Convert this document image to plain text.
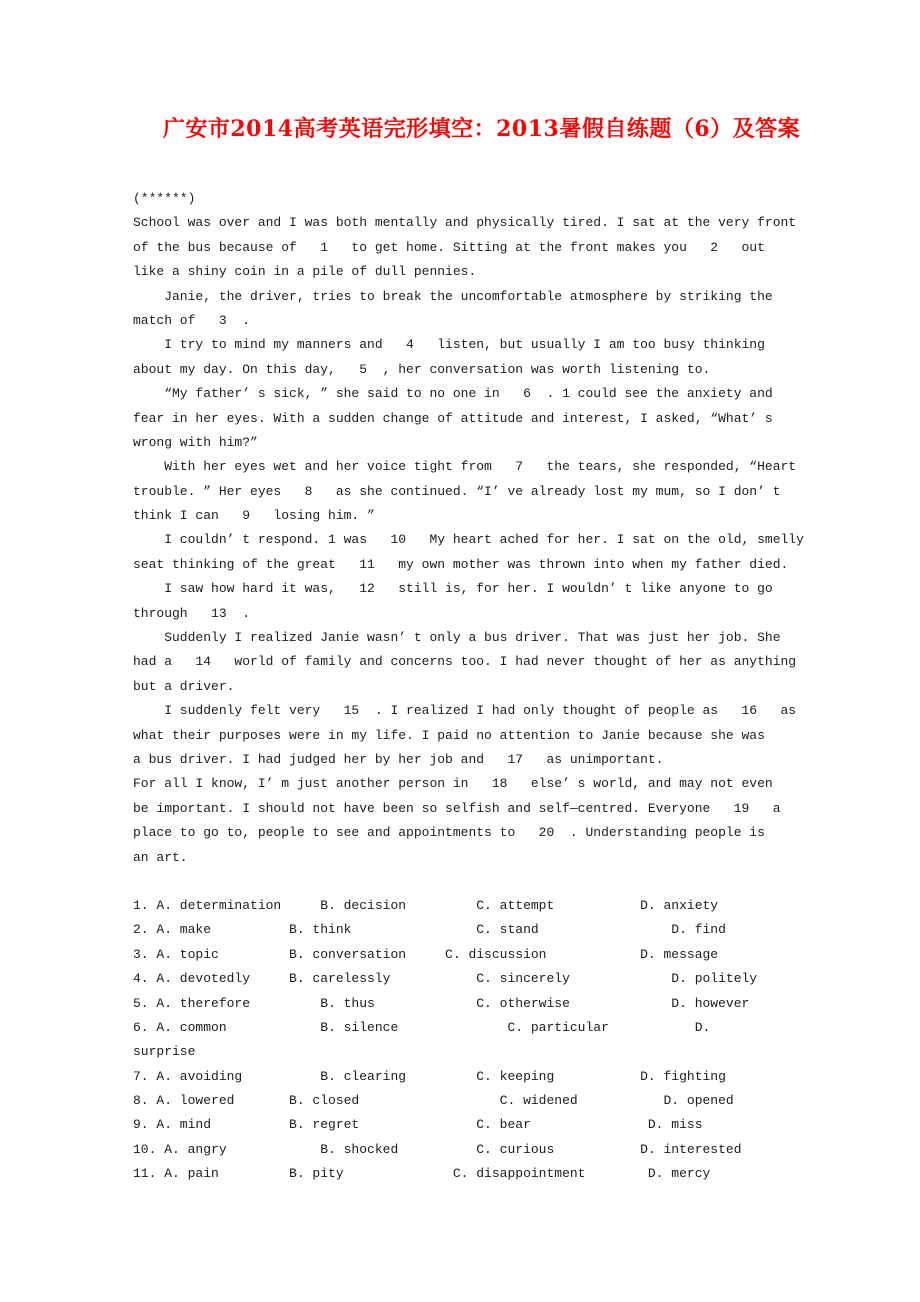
广安市2014高考英语完形填空：2013暑假自练题（6）及答案
(******)
School was over and I was both mentally and physically tired. I sat at the very front
of the bus because of   1   to get home. Sitting at the front makes you   2   out
like a shiny coin in a pile of dull pennies.
Janie, the driver, tries to break the uncomfortable atmosphere by striking the
match of   3  .
I try to mind my manners and   4   listen, but usually I am too busy thinking
about my day. On this day,   5  , her conversation was worth listening to.
“My father’ s sick, ” she said to no one in   6  . 1 could see the anxiety and
fear in her eyes. With a sudden change of attitude and interest, I asked, “What’ s
wrong with him?”
With her eyes wet and her voice tight from   7   the tears, she responded, “Heart
trouble. ” Her eyes   8   as she continued. “I’ ve already lost my mum, so I don’ t
think I can   9   losing him. ”
I couldn’ t respond. 1 was   10   My heart ached for her. I sat on the old, smelly
seat thinking of the great   11   my own mother was thrown into when my father died.
I saw how hard it was,   12   still is, for her. I wouldn’ t like anyone to go
through   13  .
Suddenly I realized Janie wasn’ t only a bus driver. That was just her job. She
had a   14   world of family and concerns too. I had never thought of her as anything
but a driver.
I suddenly felt very   15  . I realized I had only thought of people as   16   as
what their purposes were in my life. I paid no attention to Janie because she was
a bus driver. I had judged her by her job and   17   as unimportant.
For all I know, I’ m just another person in   18   else’ s world, and may not even
be important. I should not have been so selfish and self—centred. Everyone   19   a
place to go to, people to see and appointments to   20  . Understanding people is
an art.
1. A. determination     B. decision         C. attempt           D. anxiety
2. A. make          B. think                C. stand                 D. find
3. A. topic         B. conversation     C. discussion            D. message
4. A. devotedly     B. carelessly           C. sincerely             D. politely
5. A. therefore         B. thus             C. otherwise             D. however
6. A. common            B. silence              C. particular           D.
surprise
7. A. avoiding          B. clearing         C. keeping           D. fighting
8. A. lowered       B. closed                  C. widened           D. opened
9. A. mind          B. regret               C. bear               D. miss
10. A. angry            B. shocked          C. curious           D. interested
11. A. pain         B. pity              C. disappointment        D. mercy
